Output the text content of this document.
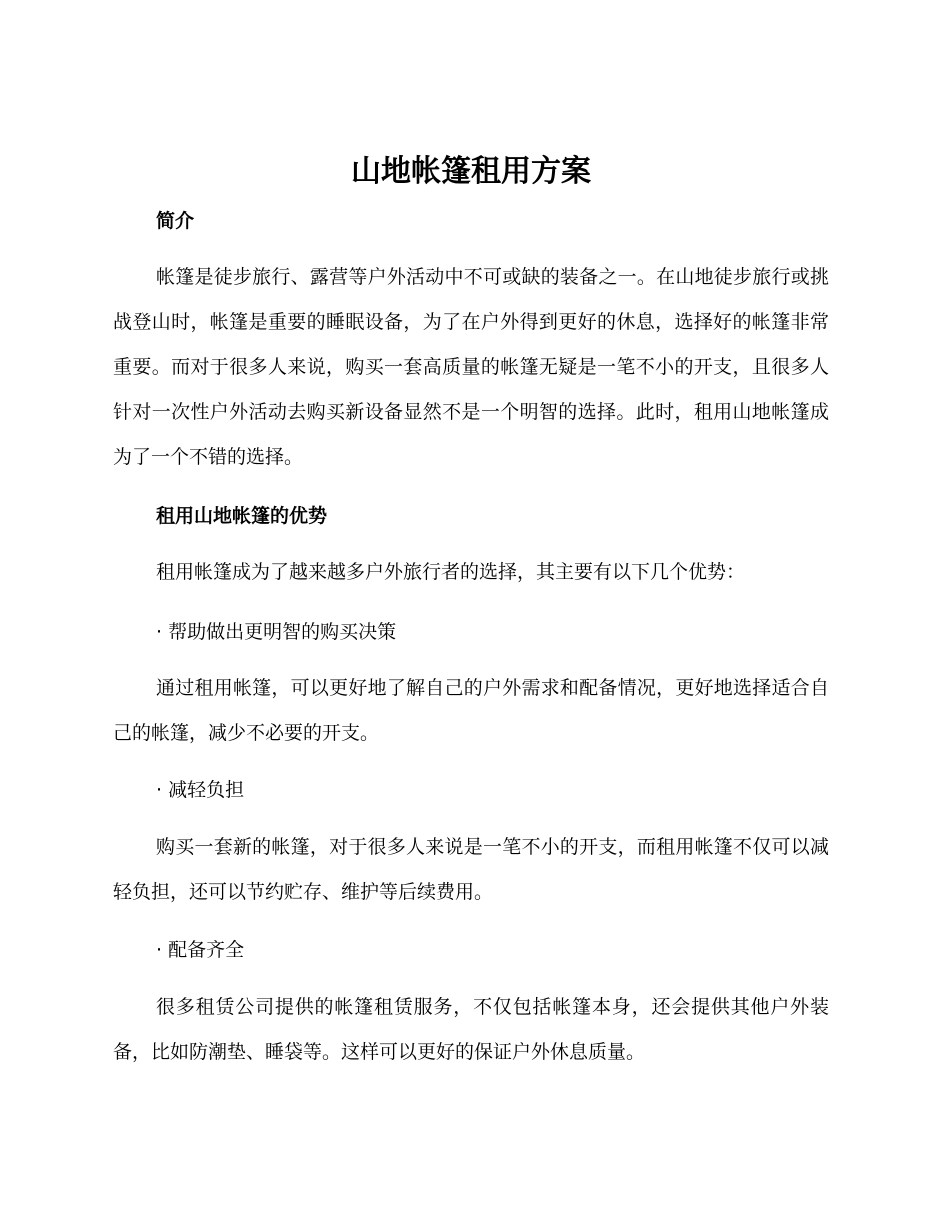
山地帐篷租用方案
简介

帐篷是徒步旅行、露营等户外活动中不可或缺的装备之一。在山地徒步旅行或挑战登山时，帐篷是重要的睡眠设备，为了在户外得到更好的休息，选择好的帐篷非常重要。而对于很多人来说，购买一套高质量的帐篷无疑是一笔不小的开支，且很多人针对一次性户外活动去购买新设备显然不是一个明智的选择。此时，租用山地帐篷成为了一个不错的选择。

租用山地帐篷的优势

租用帐篷成为了越来越多户外旅行者的选择，其主要有以下几个优势：

· 帮助做出更明智的购买决策

通过租用帐篷，可以更好地了解自己的户外需求和配备情况，更好地选择适合自己的帐篷，减少不必要的开支。

· 减轻负担

购买一套新的帐篷，对于很多人来说是一笔不小的开支，而租用帐篷不仅可以减轻负担，还可以节约贮存、维护等后续费用。

· 配备齐全

很多租赁公司提供的帐篷租赁服务，不仅包括帐篷本身，还会提供其他户外装备，比如防潮垫、睡袋等。这样可以更好的保证户外休息质量。
